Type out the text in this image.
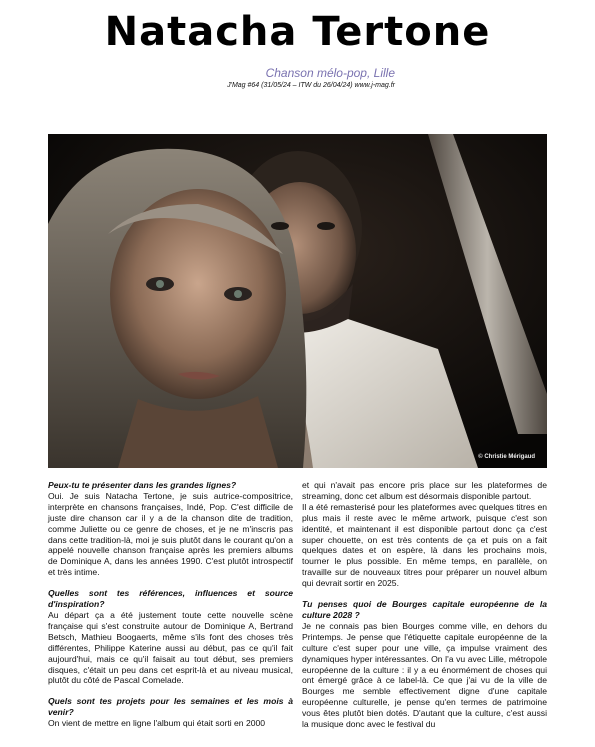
Natacha Tertone
Chanson mélo-pop, Lille
J'Mag #64 (31/05/24 – ITW du 26/04/24) www.j-mag.fr
© Christie Mérigaud

Peux-tu te présenter dans les grandes lignes?

Oui. Je suis Natacha Tertone, je suis autrice-compositrice, interprète en chansons françaises, Indé, Pop. C'est difficile de juste dire chanson car il y a de la chanson dite de tradition, comme Juliette ou ce genre de choses, et je ne m'inscris pas dans cette tradition-là, moi je suis plutôt dans le courant qu'on a appelé nouvelle chanson française après les premiers albums de Dominique A, dans les années 1990. C'est plutôt introspectif et très intime.

Quelles sont tes références, influences et source d'inspiration?

Au départ ça a été justement toute cette nouvelle scène française qui s'est construite autour de Dominique A, Bertrand Betsch, Mathieu Boogaerts, même s'ils font des choses très différentes, Philippe Katerine aussi au début, pas ce qu'il fait aujourd'hui, mais ce qu'il faisait au tout début, ses premiers disques, c'était un peu dans cet esprit-là et au niveau musical, plutôt du côté de Pascal Comelade.

Quels sont tes projets pour les semaines et les mois à venir?

On vient de mettre en ligne l'album qui était sorti en 2000

et qui n'avait pas encore pris place sur les plateformes de streaming, donc cet album est désormais disponible partout.

Il a été remasterisé pour les plateformes avec quelques titres en plus mais il reste avec le même artwork, puisque c'est son identité, et maintenant il est disponible partout donc ça c'est super chouette, on est très contents de ça et puis on a fait quelques dates et on espère, là dans les prochains mois, tourner le plus possible. En même temps, en parallèle, on travaille sur de nouveaux titres pour préparer un nouvel album qui devrait sortir en 2025.

Tu penses quoi de Bourges capitale européenne de la culture 2028 ?

Je ne connais pas bien Bourges comme ville, en dehors du Printemps. Je pense que l'étiquette capitale européenne de la culture c'est super pour une ville, ça impulse vraiment des dynamiques hyper intéressantes. On l'a vu avec Lille, métropole européenne de la culture : il y a eu énormément de choses qui ont émergé grâce à ce label-là. Ce que j'ai vu de la ville de Bourges me semble effectivement digne d'une capitale européenne culturelle, je pense qu'en termes de patrimoine vous êtes plutôt bien dotés. D'autant que la culture, c'est aussi la musique donc avec le festival du
